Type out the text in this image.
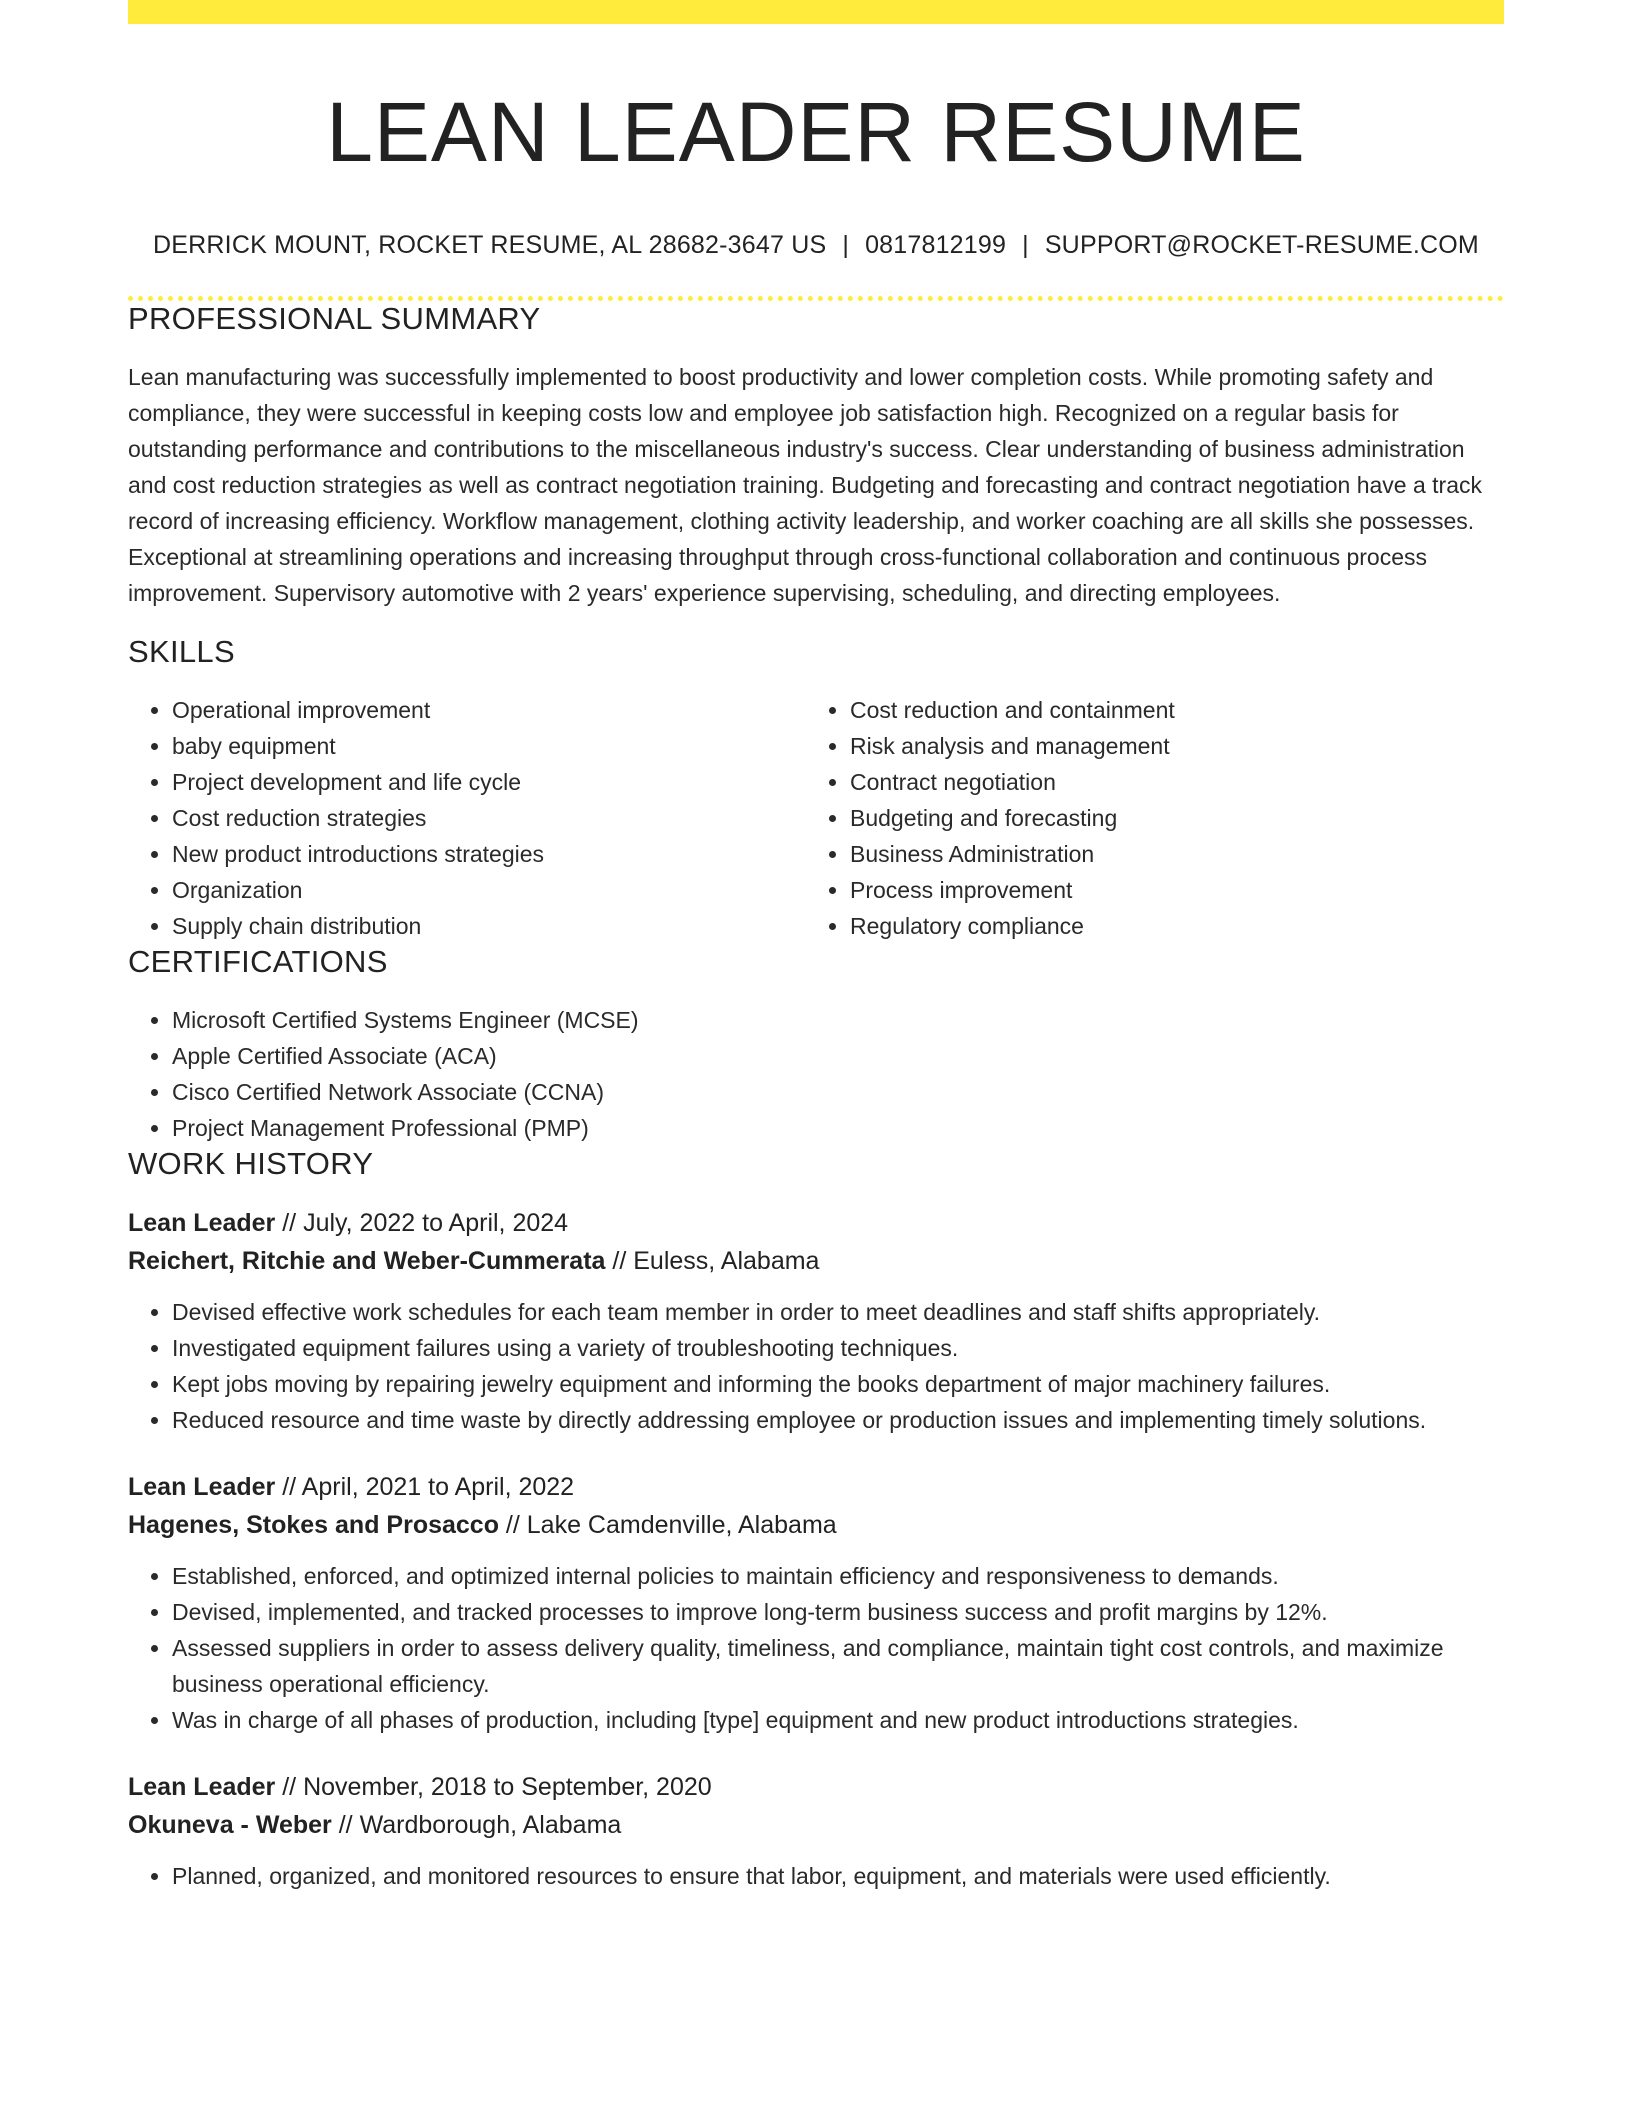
LEAN LEADER RESUME
DERRICK MOUNT, ROCKET RESUME, AL 28682-3647 US | 0817812199 | SUPPORT@ROCKET-RESUME.COM
PROFESSIONAL SUMMARY

Lean manufacturing was successfully implemented to boost productivity and lower completion costs. While promoting safety and compliance, they were successful in keeping costs low and employee job satisfaction high. Recognized on a regular basis for outstanding performance and contributions to the miscellaneous industry's success. Clear understanding of business administration and cost reduction strategies as well as contract negotiation training. Budgeting and forecasting and contract negotiation have a track record of increasing efficiency. Workflow management, clothing activity leadership, and worker coaching are all skills she possesses. Exceptional at streamlining operations and increasing throughput through cross-functional collaboration and continuous process improvement. Supervisory automotive with 2 years' experience supervising, scheduling, and directing employees.

SKILLS
• Operational improvement
• baby equipment
• Project development and life cycle
• Cost reduction strategies
• New product introductions strategies
• Organization
• Supply chain distribution
• Cost reduction and containment
• Risk analysis and management
• Contract negotiation
• Budgeting and forecasting
• Business Administration
• Process improvement
• Regulatory compliance
CERTIFICATIONS
• Microsoft Certified Systems Engineer (MCSE)
• Apple Certified Associate (ACA)
• Cisco Certified Network Associate (CCNA)
• Project Management Professional (PMP)
WORK HISTORY
Lean Leader // July, 2022 to April, 2024
Reichert, Ritchie and Weber-Cummerata // Euless, Alabama
• Devised effective work schedules for each team member in order to meet deadlines and staff shifts appropriately.
• Investigated equipment failures using a variety of troubleshooting techniques.
• Kept jobs moving by repairing jewelry equipment and informing the books department of major machinery failures.
• Reduced resource and time waste by directly addressing employee or production issues and implementing timely solutions.
Lean Leader // April, 2021 to April, 2022
Hagenes, Stokes and Prosacco // Lake Camdenville, Alabama
• Established, enforced, and optimized internal policies to maintain efficiency and responsiveness to demands.
• Devised, implemented, and tracked processes to improve long-term business success and profit margins by 12%.
• Assessed suppliers in order to assess delivery quality, timeliness, and compliance, maintain tight cost controls, and maximize business operational efficiency.
• Was in charge of all phases of production, including [type] equipment and new product introductions strategies.
Lean Leader // November, 2018 to September, 2020
Okuneva - Weber // Wardborough, Alabama
• Planned, organized, and monitored resources to ensure that labor, equipment, and materials were used efficiently.
